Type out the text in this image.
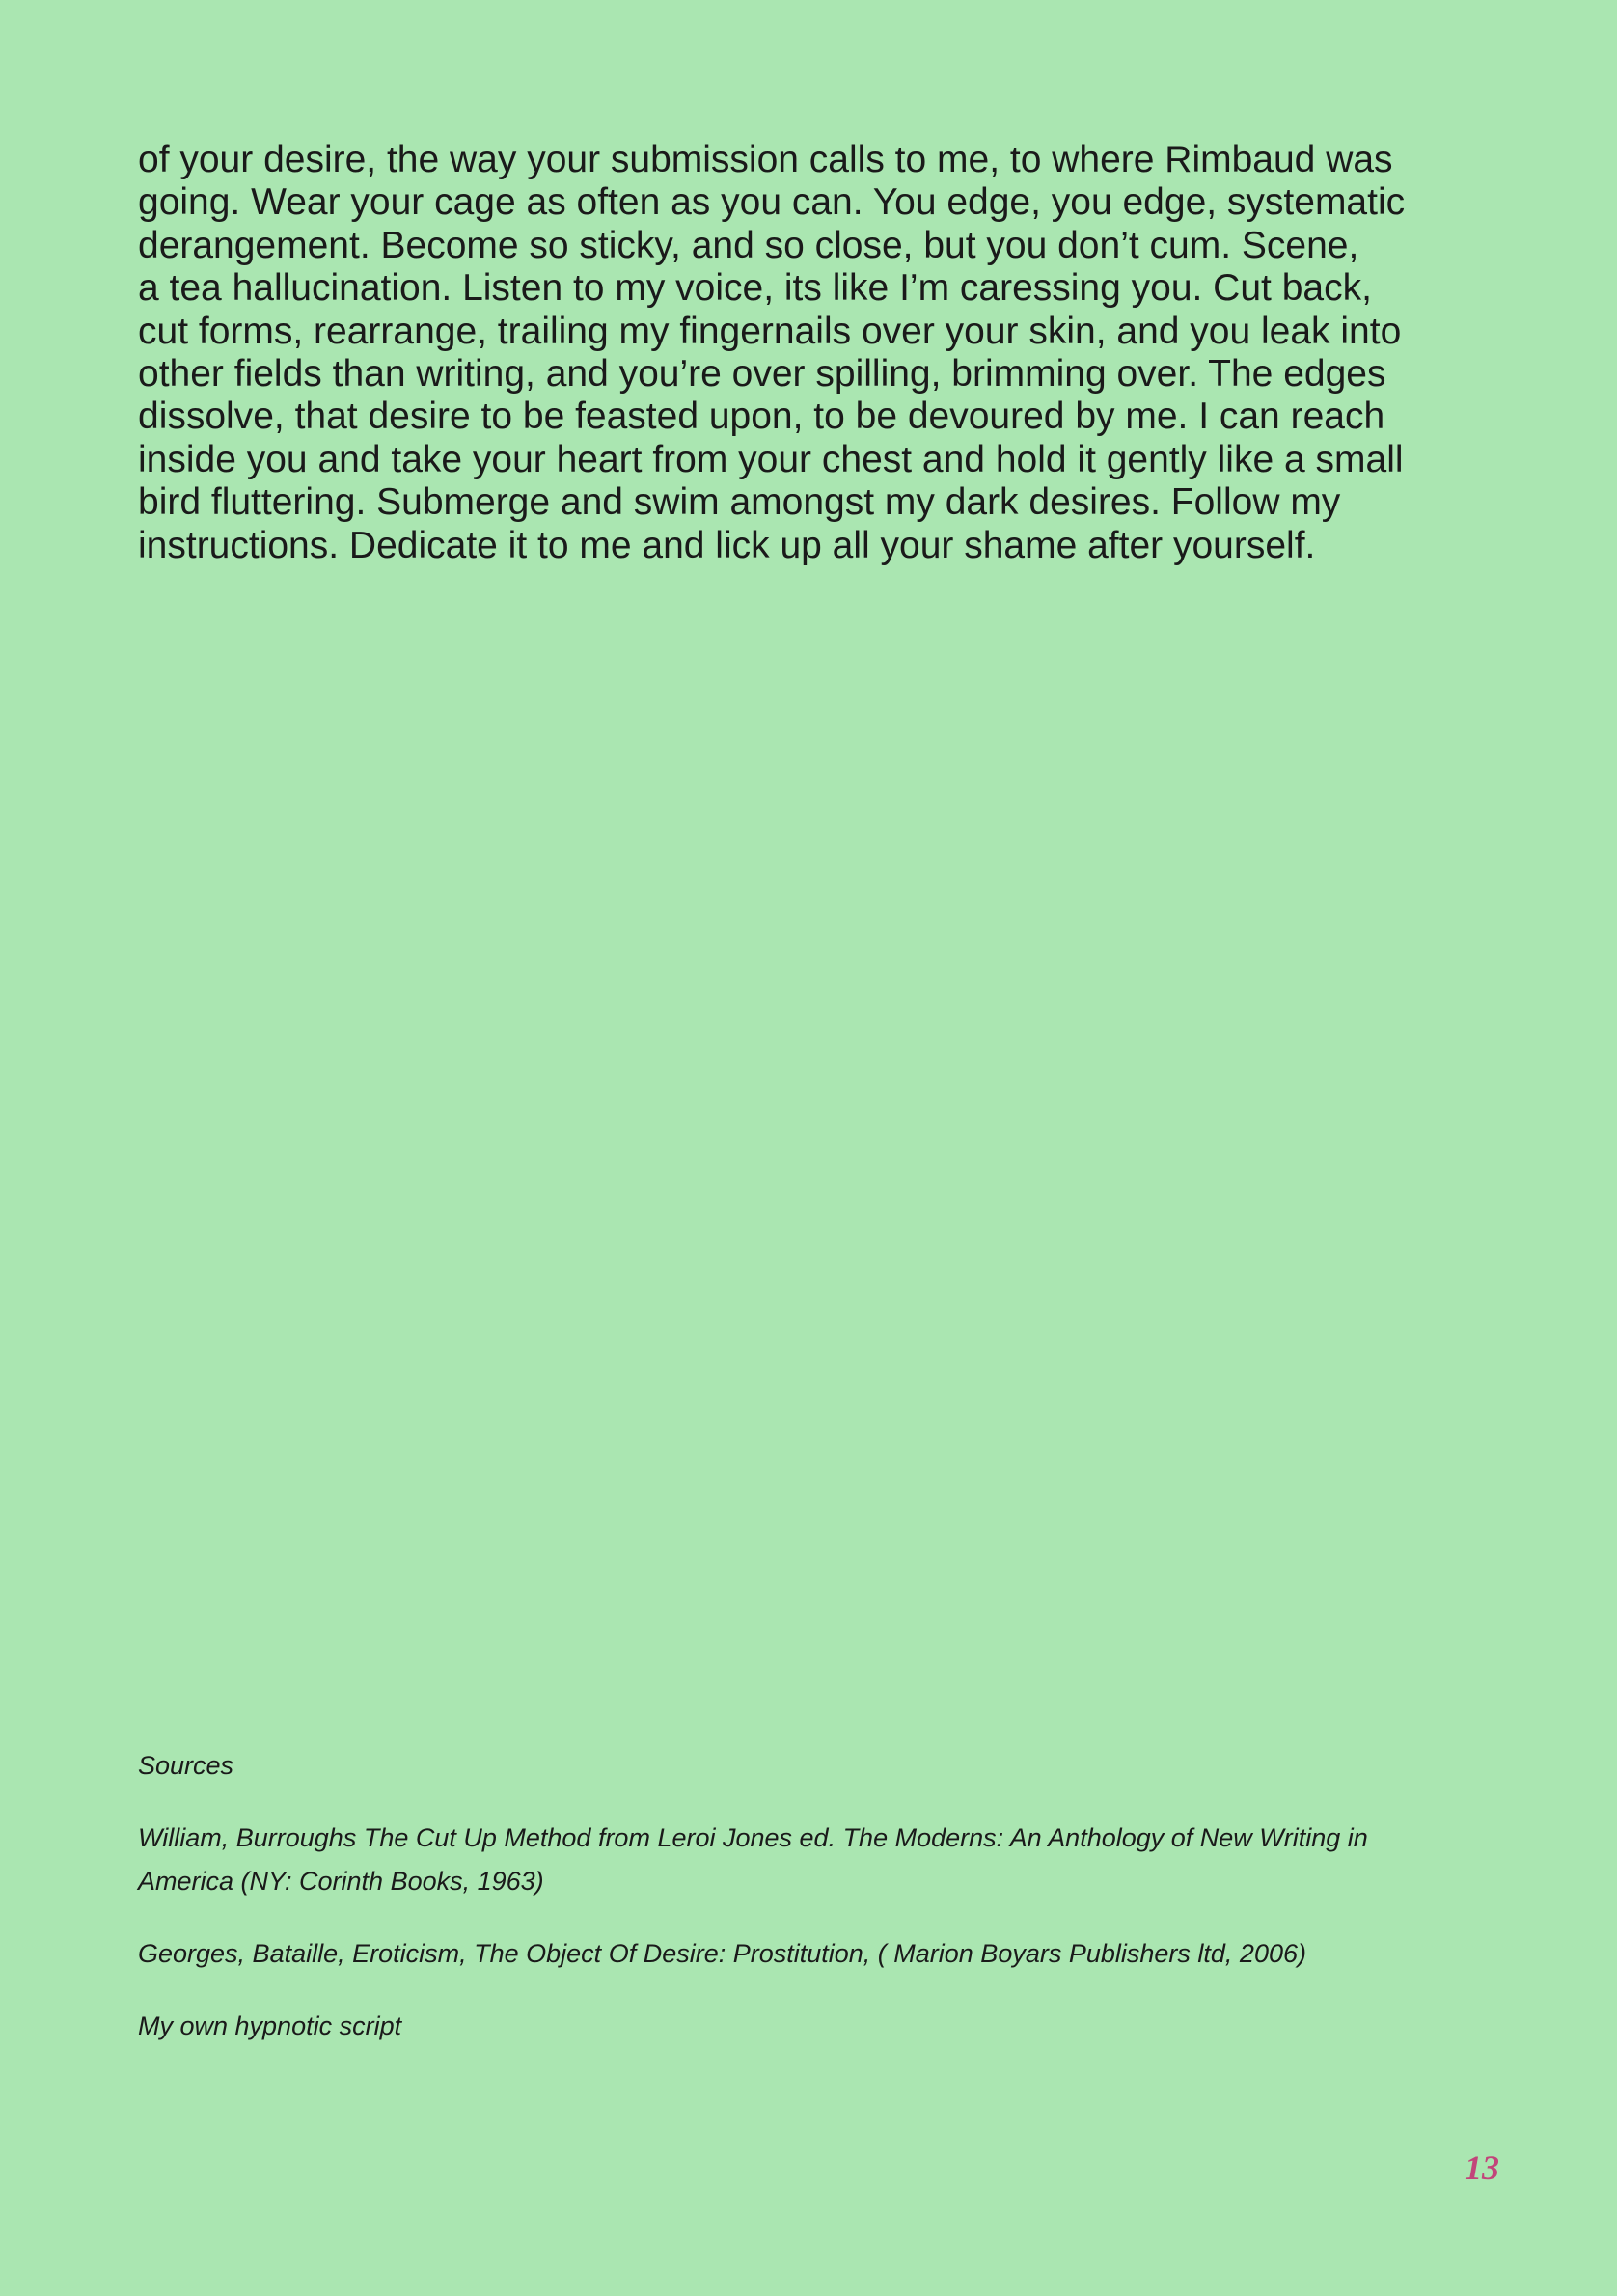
of your desire, the way your submission calls to me, to where Rimbaud was
going. Wear your cage as often as you can. You edge, you edge, systematic
derangement. Become so sticky, and so close, but you don’t cum. Scene,
a tea hallucination. Listen to my voice, its like I’m caressing you. Cut back,
cut forms, rearrange, trailing my fingernails over your skin, and you leak into
other fields than writing, and you’re over spilling, brimming over. The edges
dissolve, that desire to be feasted upon, to be devoured by me. I can reach
inside you and take your heart from your chest and hold it gently like a small
bird fluttering. Submerge and swim amongst my dark desires. Follow my
instructions. Dedicate it to me and lick up all your shame after yourself.

Sources

William, Burroughs The Cut Up Method from Leroi Jones ed. The Moderns: An Anthology of New Writing in

America (NY: Corinth Books, 1963)

Georges, Bataille, Eroticism, The Object Of Desire: Prostitution, ( Marion Boyars Publishers ltd, 2006)

My own hypnotic script

13
